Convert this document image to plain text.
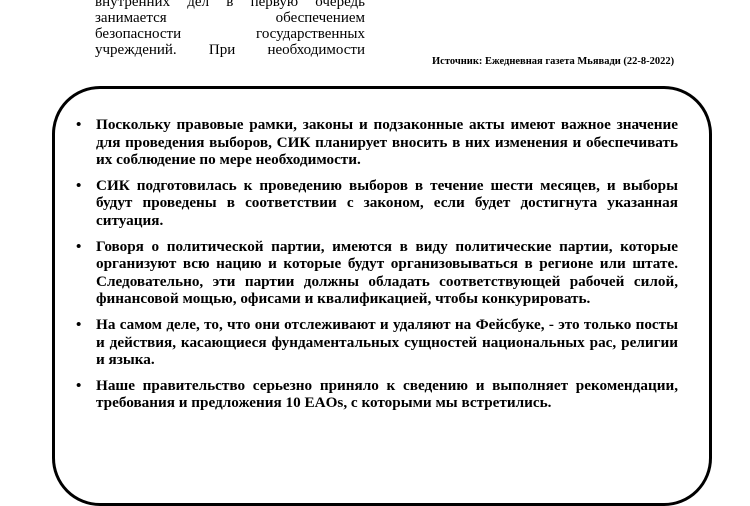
внутренних дел в первую очередь
занимается обеспечением
безопасности государственных
учреждений. При необходимости
Источник: Ежедневная газета Мьявади (22-8-2022)
• Поскольку правовые рамки, законы и подзаконные акты имеют важное значение для проведения выборов, СИК планирует вносить в них изменения и обеспечивать их соблюдение по мере необходимости.
• СИК подготовилась к проведению выборов в течение шести месяцев, и выборы будут проведены в соответствии с законом, если будет достигнута указанная ситуация.
• Говоря о политической партии, имеются в виду политические партии, которые организуют всю нацию и которые будут организовываться в регионе или штате. Следовательно, эти партии должны обладать соответствующей рабочей силой, финансовой мощью, офисами и квалификацией, чтобы конкурировать.
• На самом деле, то, что они отслеживают и удаляют на Фейсбуке, - это только посты и действия, касающиеся фундаментальных сущностей национальных рас, религии и языка.
• Наше правительство серьезно приняло к сведению и выполняет рекомендации, требования и предложения 10 EAOs, с которыми мы встретились.
